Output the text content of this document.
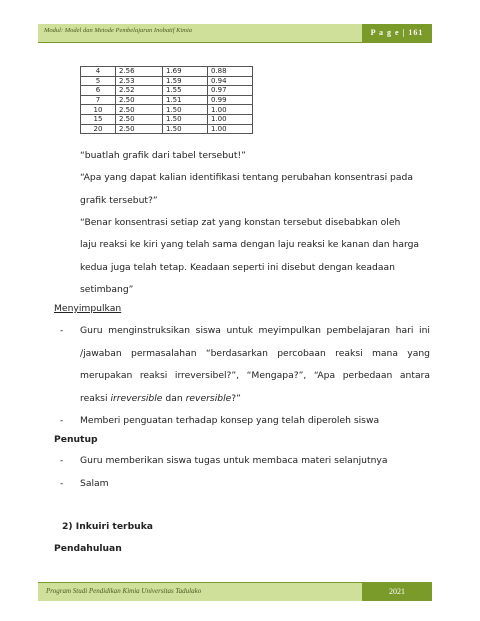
Modul: Model dan Metode Pembelajaran Inobatif Kimia	P a g e | 161
4	2.56	1.69	0.88
5	2.53	1.59	0.94
6	2.52	1.55	0.97
7	2.50	1.51	0.99
10	2.50	1.50	1.00
15	2.50	1.50	1.00
20	2.50	1.50	1.00
“buatlah grafik dari tabel tersebut!”
“Apa yang dapat kalian identifikasi tentang perubahan konsentrasi pada
grafik tersebut?”
“Benar konsentrasi setiap zat yang konstan tersebut disebabkan oleh
laju reaksi ke kiri yang telah sama dengan laju reaksi ke kanan dan harga
kedua juga telah tetap. Keadaan seperti ini disebut dengan keadaan
setimbang”
Menyimpulkan
- Guru menginstruksikan siswa untuk meyimpulkan pembelajaran hari ini
/jawaban permasalahan “berdasarkan percobaan reaksi mana yang
merupakan reaksi irreversibel?”, “Mengapa?”, “Apa perbedaan antara
reaksi irreversible dan reversible?”
- Memberi penguatan terhadap konsep yang telah diperoleh siswa
Penutup
- Guru memberikan siswa tugas untuk membaca materi selanjutnya
- Salam
2) Inkuiri terbuka
Pendahuluan
Program Studi Pendidikan Kimia Universitas Tadulako	2021
